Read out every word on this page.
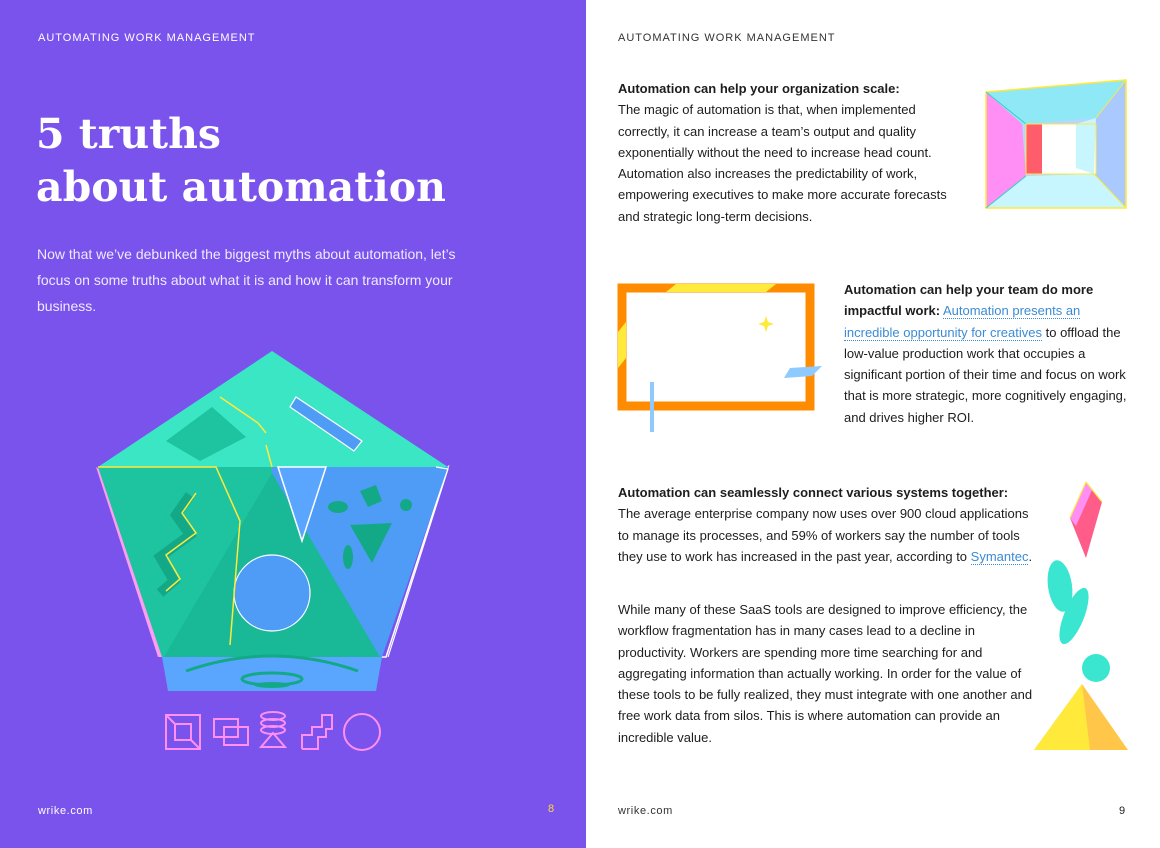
AUTOMATING WORK MANAGEMENT
5 truths
about automation

Now that we’ve debunked the biggest myths about automation, let’s focus on some truths about what it is and how it can transform your business.

wrike.com	8
AUTOMATING WORK MANAGEMENT

Automation can help your organization scale:
The magic of automation is that, when implemented correctly, it can increase a team’s output and quality exponentially without the need to increase head count. Automation also increases the predictability of work, empowering executives to make more accurate forecasts and strategic long-term decisions.

Automation can help your team do more impactful work: Automation presents an incredible opportunity for creatives to offload the low-value production work that occupies a significant portion of their time and focus on work that is more strategic, more cognitively engaging, and drives higher ROI.

Automation can seamlessly connect various systems together:
The average enterprise company now uses over 900 cloud applications to manage its processes, and 59% of workers say the number of tools they use to work has increased in the past year, according to Symantec.

While many of these SaaS tools are designed to improve efficiency, the workflow fragmentation has in many cases lead to a decline in productivity. Workers are spending more time searching for and aggregating information than actually working. In order for the value of these tools to be fully realized, they must integrate with one another and free work data from silos. This is where automation can provide an incredible value.

wrike.com	9
